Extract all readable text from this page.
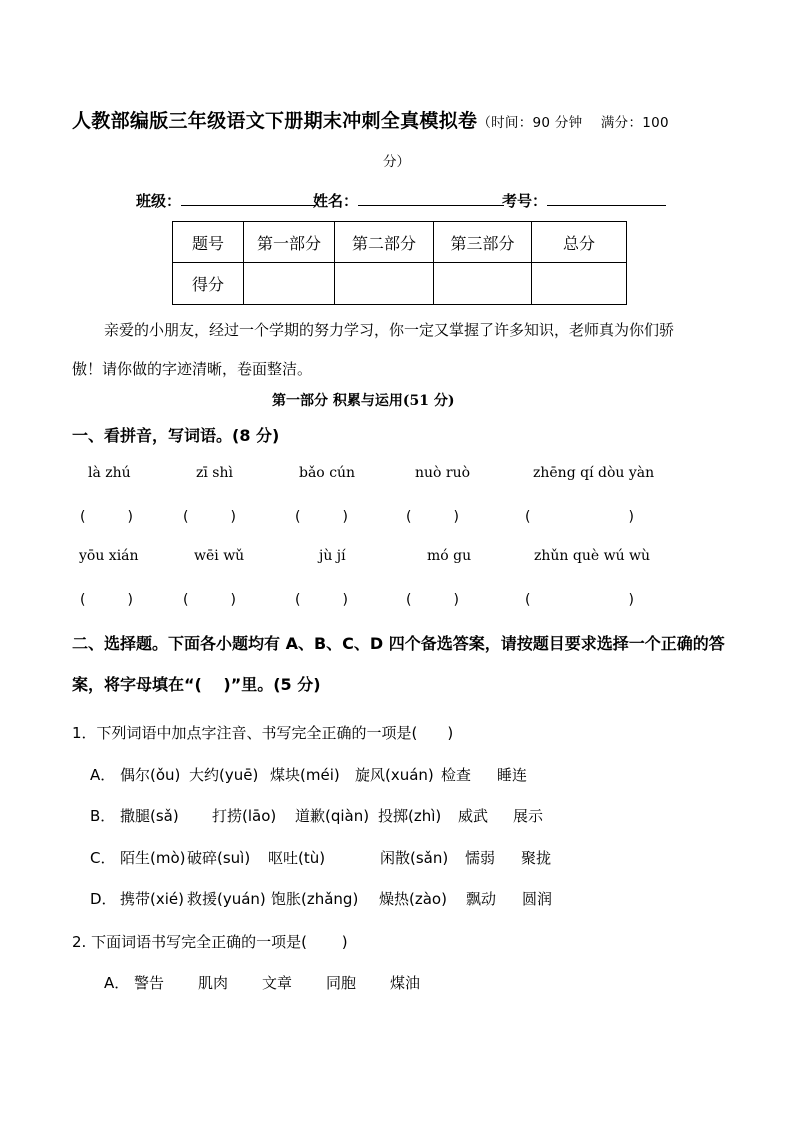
人教部编版三年级语文下册期末冲刺全真模拟卷（时间：90 分钟　 满分：100
分）
班级：	姓名：	考号：
题号	第一部分	第二部分	第三部分	总分
得分				
亲爱的小朋友，经过一个学期的努力学习，你一定又掌握了许多知识，老师真为你们骄
傲！请你做的字迹清晰，卷面整洁。
第一部分 积累与运用(51 分)
一、看拼音，写词语。(8 分)
là zhú	zī shì	bǎo cún	nuò ruò	zhēng qí dòu yàn
(　　　)	(　　　)	(　　　)	(　　　)	(　　　　　　　)
yōu xián	wēi wǔ	jù jí	mó gu	zhǔn què wú wù
(　　　)	(　　　)	(　　　)	(　　　)	(　　　　　　　)
二、选择题。下面各小题均有 A、B、C、D 四个备选答案，请按题目要求选择一个正确的答
案，将字母填在“(　 )”里。(5 分)
1．下列词语中加点字注音、书写完全正确的一项是(　　)
A． 偶尔(ǒu) 大约(yuē) 煤块(méi) 旋风(xuán) 检查 睡连
B． 撒腿(sǎ) 打捞(lāo) 道歉(qiàn) 投掷(zhì) 威武 展示
C． 陌生(mò) 破碎(suì) 呕吐(tù)	闲散(sǎn) 懦弱 聚拢
D． 携带(xié) 救援(yuán) 饱胀(zhǎng) 燥热(zào) 飘动 圆润
2. 下面词语书写完全正确的一项是(　　 )
A． 警告 肌肉 文章 同胞 煤油
